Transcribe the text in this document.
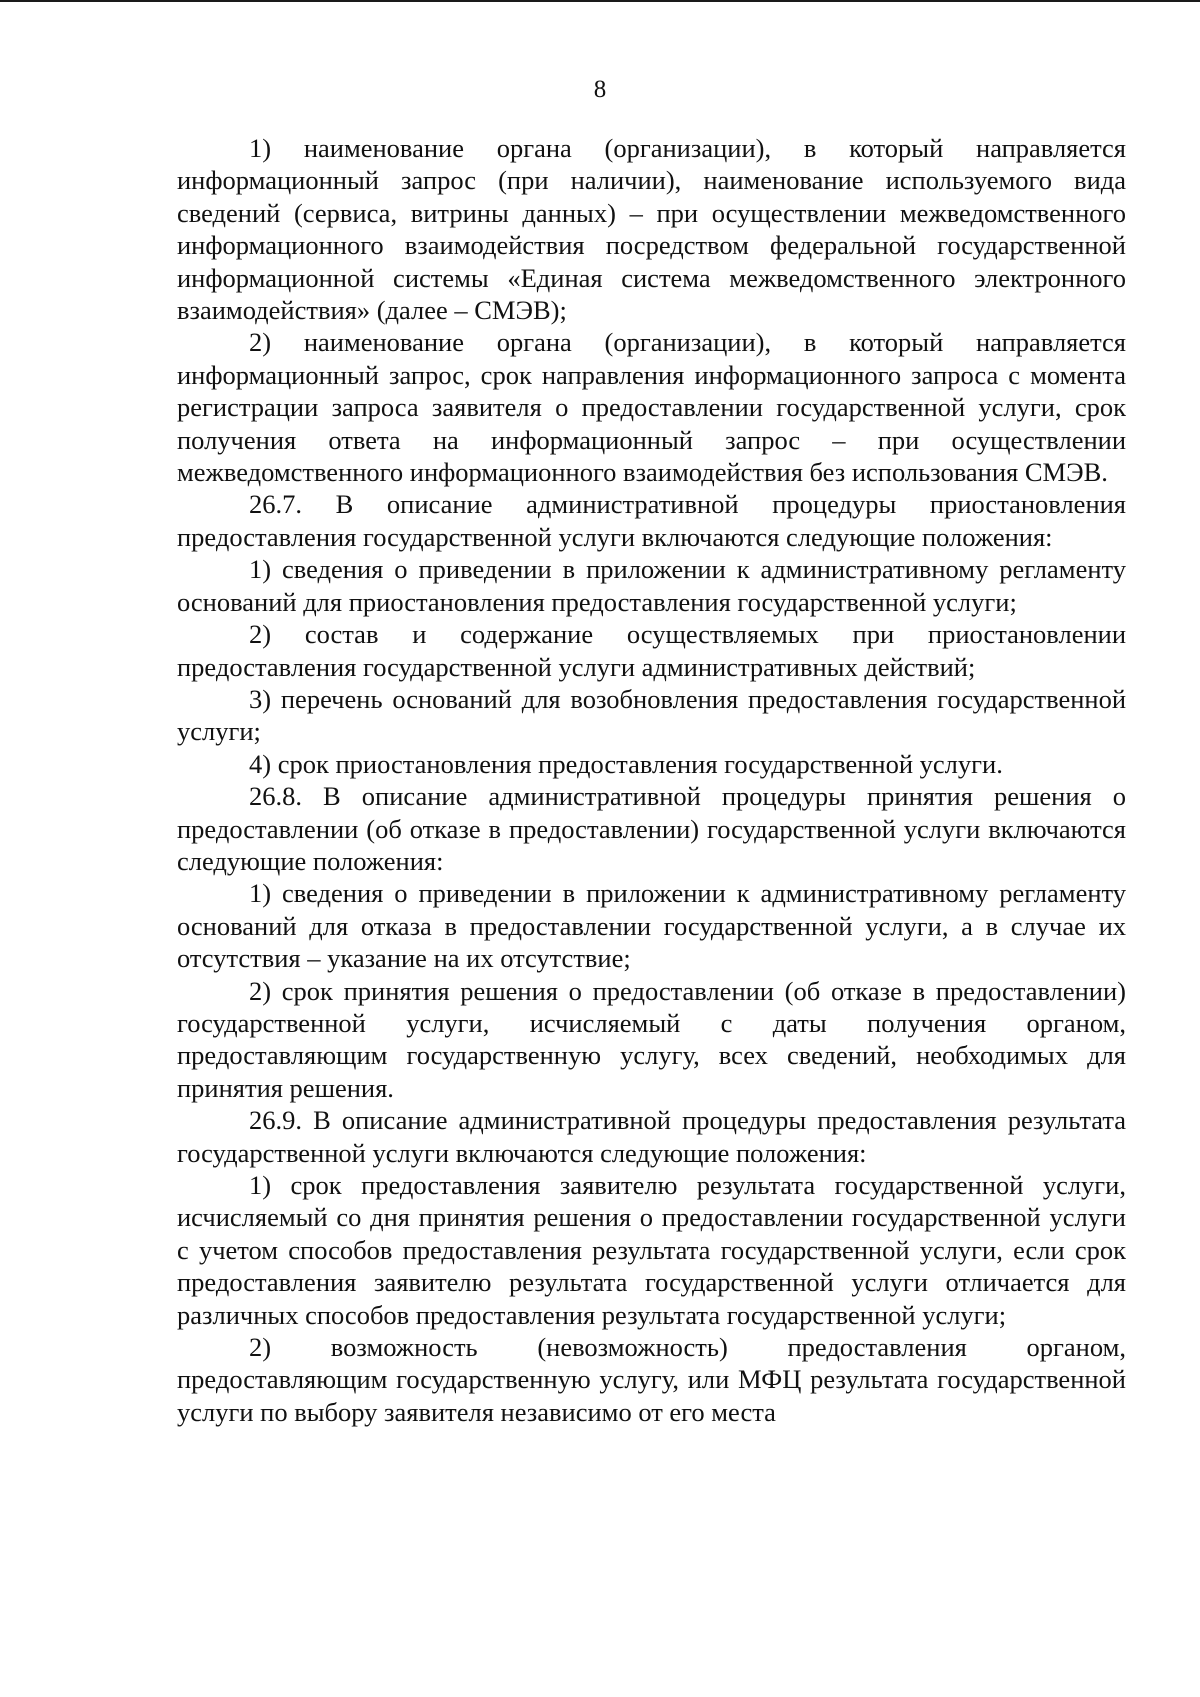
8

1) наименование органа (организации), в который направляется информационный запрос (при наличии), наименование используемого вида сведений (сервиса, витрины данных) – при осуществлении межведомственного информационного взаимодействия посредством федеральной государственной информационной системы «Единая система межведомственного электронного взаимодействия» (далее – СМЭВ);

2) наименование органа (организации), в который направляется информационный запрос, срок направления информационного запроса с момента регистрации запроса заявителя о предоставлении государственной услуги, срок получения ответа на информационный запрос – при осуществлении межведомственного информационного взаимодействия без использования СМЭВ.

26.7. В описание административной процедуры приостановления предоставления государственной услуги включаются следующие положения:

1) сведения о приведении в приложении к административному регламенту оснований для приостановления предоставления государственной услуги;

2) состав и содержание осуществляемых при приостановлении предоставления государственной услуги административных действий;

3) перечень оснований для возобновления предоставления государственной услуги;

4) срок приостановления предоставления государственной услуги.

26.8. В описание административной процедуры принятия решения о предоставлении (об отказе в предоставлении) государственной услуги включаются следующие положения:

1) сведения о приведении в приложении к административному регламенту оснований для отказа в предоставлении государственной услуги, а в случае их отсутствия – указание на их отсутствие;

2) срок принятия решения о предоставлении (об отказе в предоставлении) государственной услуги, исчисляемый с даты получения органом, предоставляющим государственную услугу, всех сведений, необходимых для принятия решения.

26.9. В описание административной процедуры предоставления результата государственной услуги включаются следующие положения:

1) срок предоставления заявителю результата государственной услуги, исчисляемый со дня принятия решения о предоставлении государственной услуги с учетом способов предоставления результата государственной услуги, если срок предоставления заявителю результата государственной услуги отличается для различных способов предоставления результата государственной услуги;

2) возможность (невозможность) предоставления органом, предоставляющим государственную услугу, или МФЦ результата государственной услуги по выбору заявителя независимо от его места
